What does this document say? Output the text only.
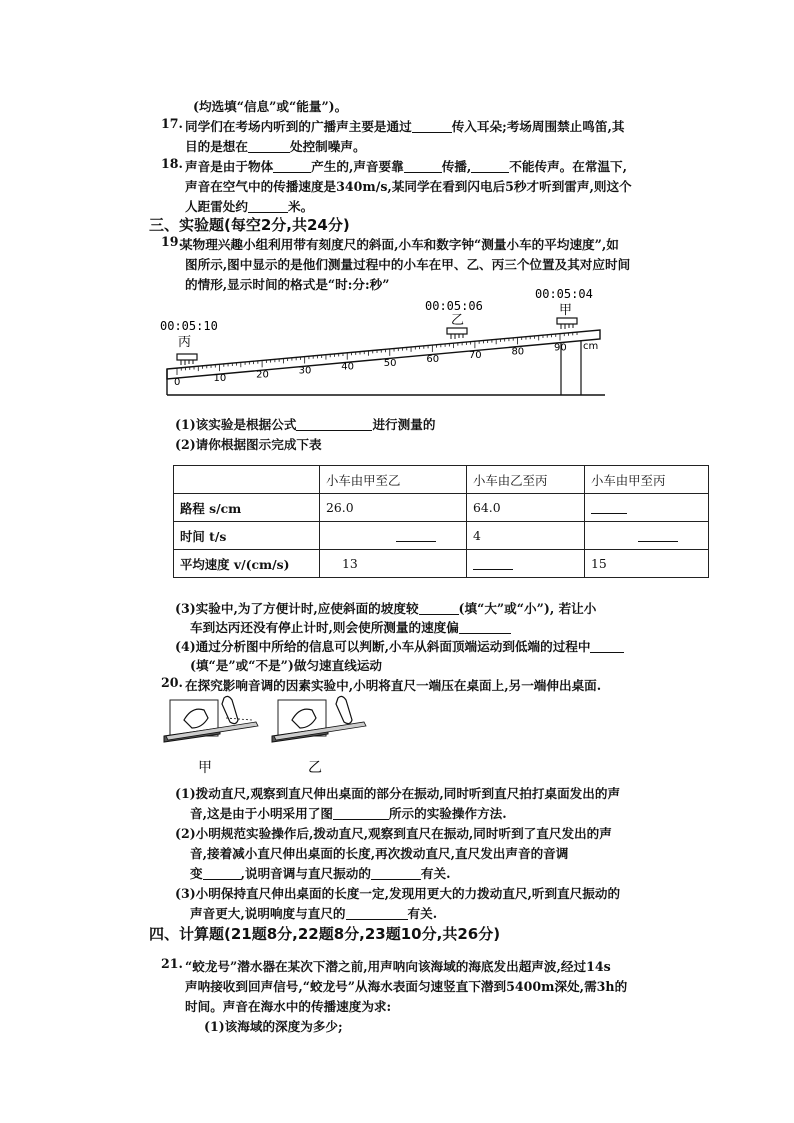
(均选填“信息”或“能量”)。
17. 同学们在考场内听到的广播声主要是通过	传入耳朵;考场周围禁止鸣笛,其
目的是想在	处控制噪声。
18. 声音是由于物体	产生的,声音要靠	传播,	不能传声。在常温下,
声音在空气中的传播速度是340m/s,某同学在看到闪电后5秒才听到雷声,则这个
人距雷处约	米。
三、实验题(每空2分,共24分)
19.
某物理兴趣小组利用带有刻度尺的斜面,小车和数字钟“测量小车的平均速度”,如
图所示,图中显示的是他们测量过程中的小车在甲、乙、丙三个位置及其对应时间
的情形,显示时间的格式是“时:分:秒”
00:05:10
00:05:06
00:05:04
丙
乙
甲
0	10	20	30	40	50	60	70	80	90 cm
(1)该实验是根据公式	进行测量的
(2)请你根据图示完成下表
	小车由甲至乙	小车由乙至丙	小车由甲至丙
路程 s/cm	26.0	64.0	
时间 t/s		4	
平均速度 v/(cm/s)	13		15
(3)实验中,为了方便计时,应使斜面的坡度较	(填“大”或“小”), 若让小
车到达丙还没有停止计时,则会使所测量的速度偏
(4)通过分析图中所给的信息可以判断,小车从斜面顶端运动到低端的过程中
(填“是”或“不是”)做匀速直线运动
20. 在探究影响音调的因素实验中,小明将直尺一端压在桌面上,另一端伸出桌面.
甲	乙
(1)拨动直尺,观察到直尺伸出桌面的部分在振动,同时听到直尺拍打桌面发出的声
音,这是由于小明采用了图	所示的实验操作方法.
(2)小明规范实验操作后,拨动直尺,观察到直尺在振动,同时听到了直尺发出的声
音,接着减小直尺伸出桌面的长度,再次拨动直尺,直尺发出声音的音调
变	,说明音调与直尺振动的	有关.
(3)小明保持直尺伸出桌面的长度一定,发现用更大的力拨动直尺,听到直尺振动的
声音更大,说明响度与直尺的	有关.
四、计算题(21题8分,22题8分,23题10分,共26分)
21. “蛟龙号”潜水器在某次下潜之前,用声呐向该海域的海底发出超声波,经过14s
声呐接收到回声信号,“蛟龙号”从海水表面匀速竖直下潜到5400m深处,需3h的
时间。声音在海水中的传播速度为求:
(1)该海域的深度为多少;
